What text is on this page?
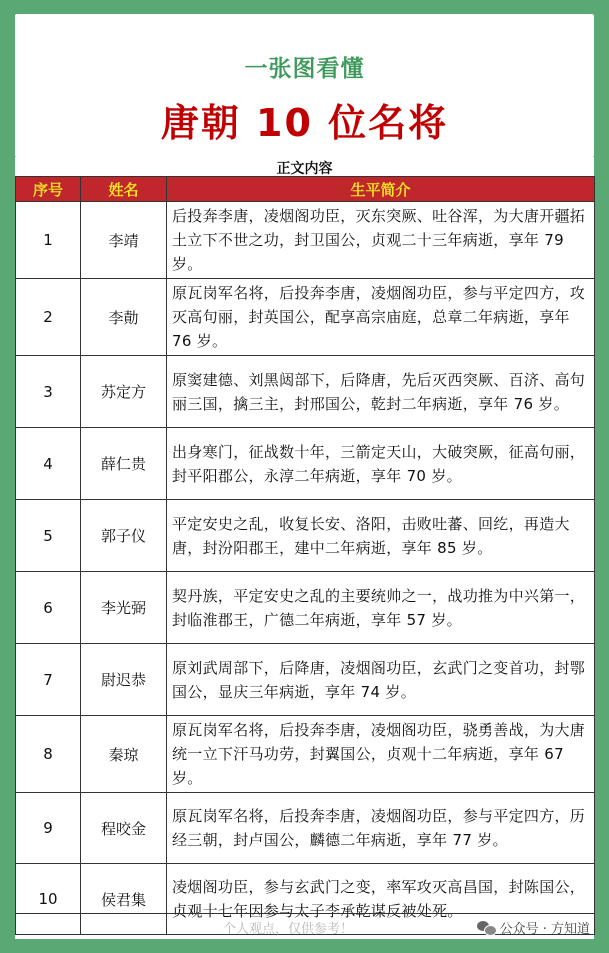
一张图看懂
唐朝 10 位名将
正文内容
序号	姓名	生平简介
1	李靖	后投奔李唐，凌烟阁功臣，灭东突厥、吐谷浑，为大唐开疆拓土立下不世之功，封卫国公，贞观二十三年病逝，享年 79 岁。
2	李勣	原瓦岗军名将，后投奔李唐，凌烟阁功臣，参与平定四方，攻灭高句丽，封英国公，配享高宗庙庭，总章二年病逝，享年 76 岁。
3	苏定方	原窦建德、刘黑闼部下，后降唐，先后灭西突厥、百济、高句丽三国，擒三主，封邢国公，乾封二年病逝，享年 76 岁。
4	薛仁贵	出身寒门，征战数十年，三箭定天山，大破突厥，征高句丽，封平阳郡公，永淳二年病逝，享年 70 岁。
5	郭子仪	平定安史之乱，收复长安、洛阳，击败吐蕃、回纥，再造大唐，封汾阳郡王，建中二年病逝，享年 85 岁。
6	李光弼	契丹族，平定安史之乱的主要统帅之一，战功推为中兴第一，封临淮郡王，广德二年病逝，享年 57 岁。
7	尉迟恭	原刘武周部下，后降唐，凌烟阁功臣，玄武门之变首功，封鄂国公，显庆三年病逝，享年 74 岁。
8	秦琼	原瓦岗军名将，后投奔李唐，凌烟阁功臣，骁勇善战，为大唐统一立下汗马功劳，封翼国公，贞观十二年病逝，享年 67 岁。
9	程咬金	原瓦岗军名将，后投奔李唐，凌烟阁功臣，参与平定四方，历经三朝，封卢国公，麟德二年病逝，享年 77 岁。
10	侯君集	凌烟阁功臣，参与玄武门之变，率军攻灭高昌国，封陈国公，贞观十七年因参与太子李承乾谋反被处死。
个人观点，仅供参考！	公众号 · 方知道
